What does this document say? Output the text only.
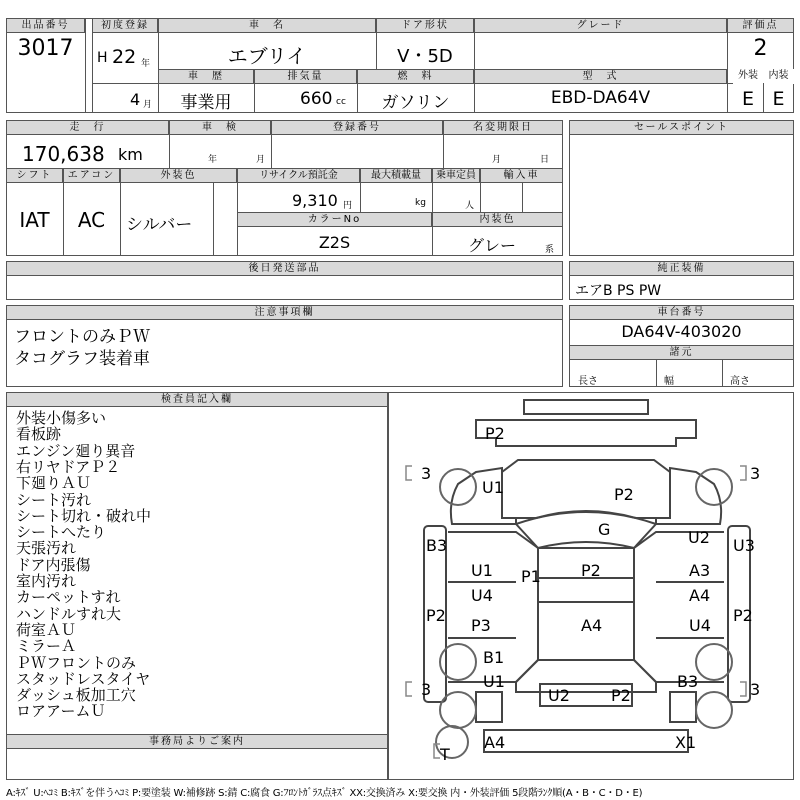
出品番号
3017
初度登録
H 22 年
4 月
車　名
エブリイ
ドア形状
V・5D
グレード	評価点
2
車　歴
事業用
排気量
660 cc
燃　料
ガソリン
型　式
EBD-DA64V
外装	内装
E E
走　行
170,638 km
車　検
年	月
登録番号	名変期限日
月	日
セールスポイント
シフト
IAT
エアコン
AC
外装色
シルバー
リサイクル預託金
9,310 円
最大積載量
kg
乗車定員
人
輸入車
カラーNo
Z2S
内装色
グレー	系
後日発送部品	純正装備
エアB PS PW
注意事項欄
フロントのみＰＷ
タコグラフ装着車
車台番号
DA64V-403020
諸元
長さ	幅	高さ
検査員記入欄
外装小傷多い
看板跡
エンジン廻り異音
右リヤドアＰ２
下廻りＡＵ
シート汚れ
シート切れ・破れ中
シートへたり
天張汚れ
ドア内張傷
室内汚れ
カーペットすれ
ハンドルすれ大
荷室ＡＵ
ミラーＡ
ＰＷフロントのみ
スタッドレスタイヤ
ダッシュ板加工穴
ロアアームＵ
事務局よりご案内
P2
3	3
U1	P2
G	U2
B3	U3
U1 P1	P2	A3
U4	A4
P2
P3	A4	U4
P2
B1
U1	B3
3	3
U2	P2
T
A4	X1
A:ｷｽﾞ U:ﾍｺﾐ B:ｷｽﾞを伴うﾍｺﾐ P:要塗装 W:補修跡 S:錆 C:腐食 G:ﾌﾛﾝﾄｶﾞﾗｽ点ｷｽﾞ XX:交換済み X:要交換 内・外装評価 5段階ﾗﾝｸ順(A・B・C・D・E)
